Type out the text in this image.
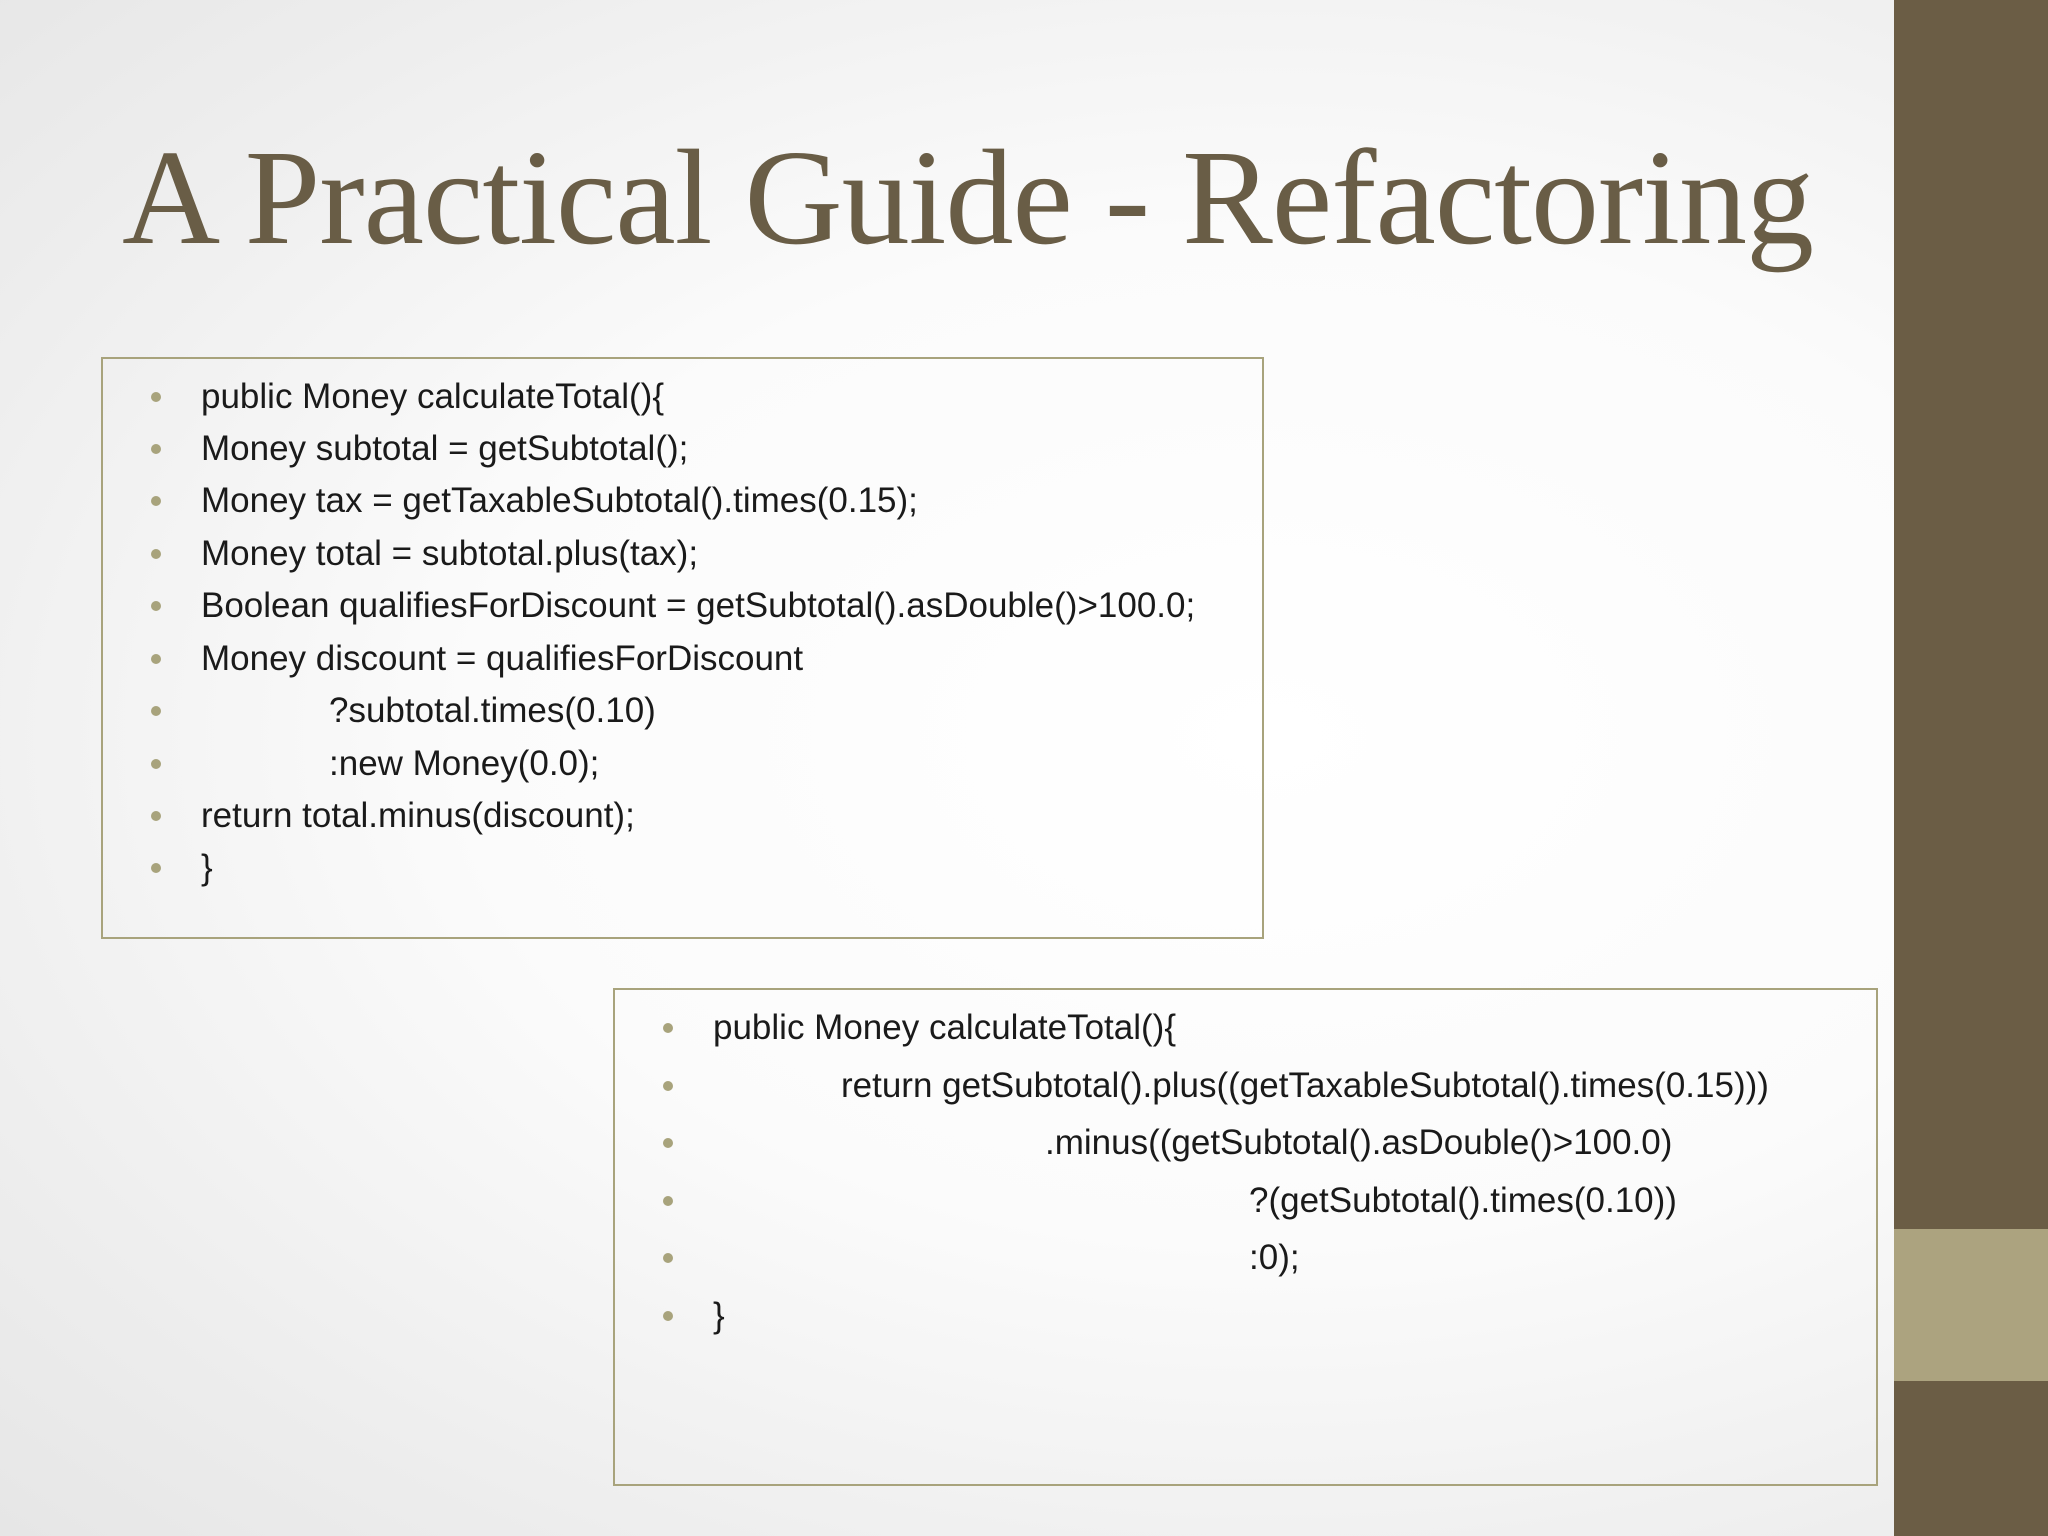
A Practical Guide - Refactoring

public Money calculateTotal(){

Money subtotal = getSubtotal();

Money tax = getTaxableSubtotal().times(0.15);

Money total = subtotal.plus(tax);

Boolean qualifiesForDiscount = getSubtotal().asDouble()>100.0;

Money discount = qualifiesForDiscount

?subtotal.times(0.10)

:new Money(0.0);

return total.minus(discount);

}

public Money calculateTotal(){

return getSubtotal().plus((getTaxableSubtotal().times(0.15)))

.minus((getSubtotal().asDouble()>100.0)

?(getSubtotal().times(0.10))

:0);

}
